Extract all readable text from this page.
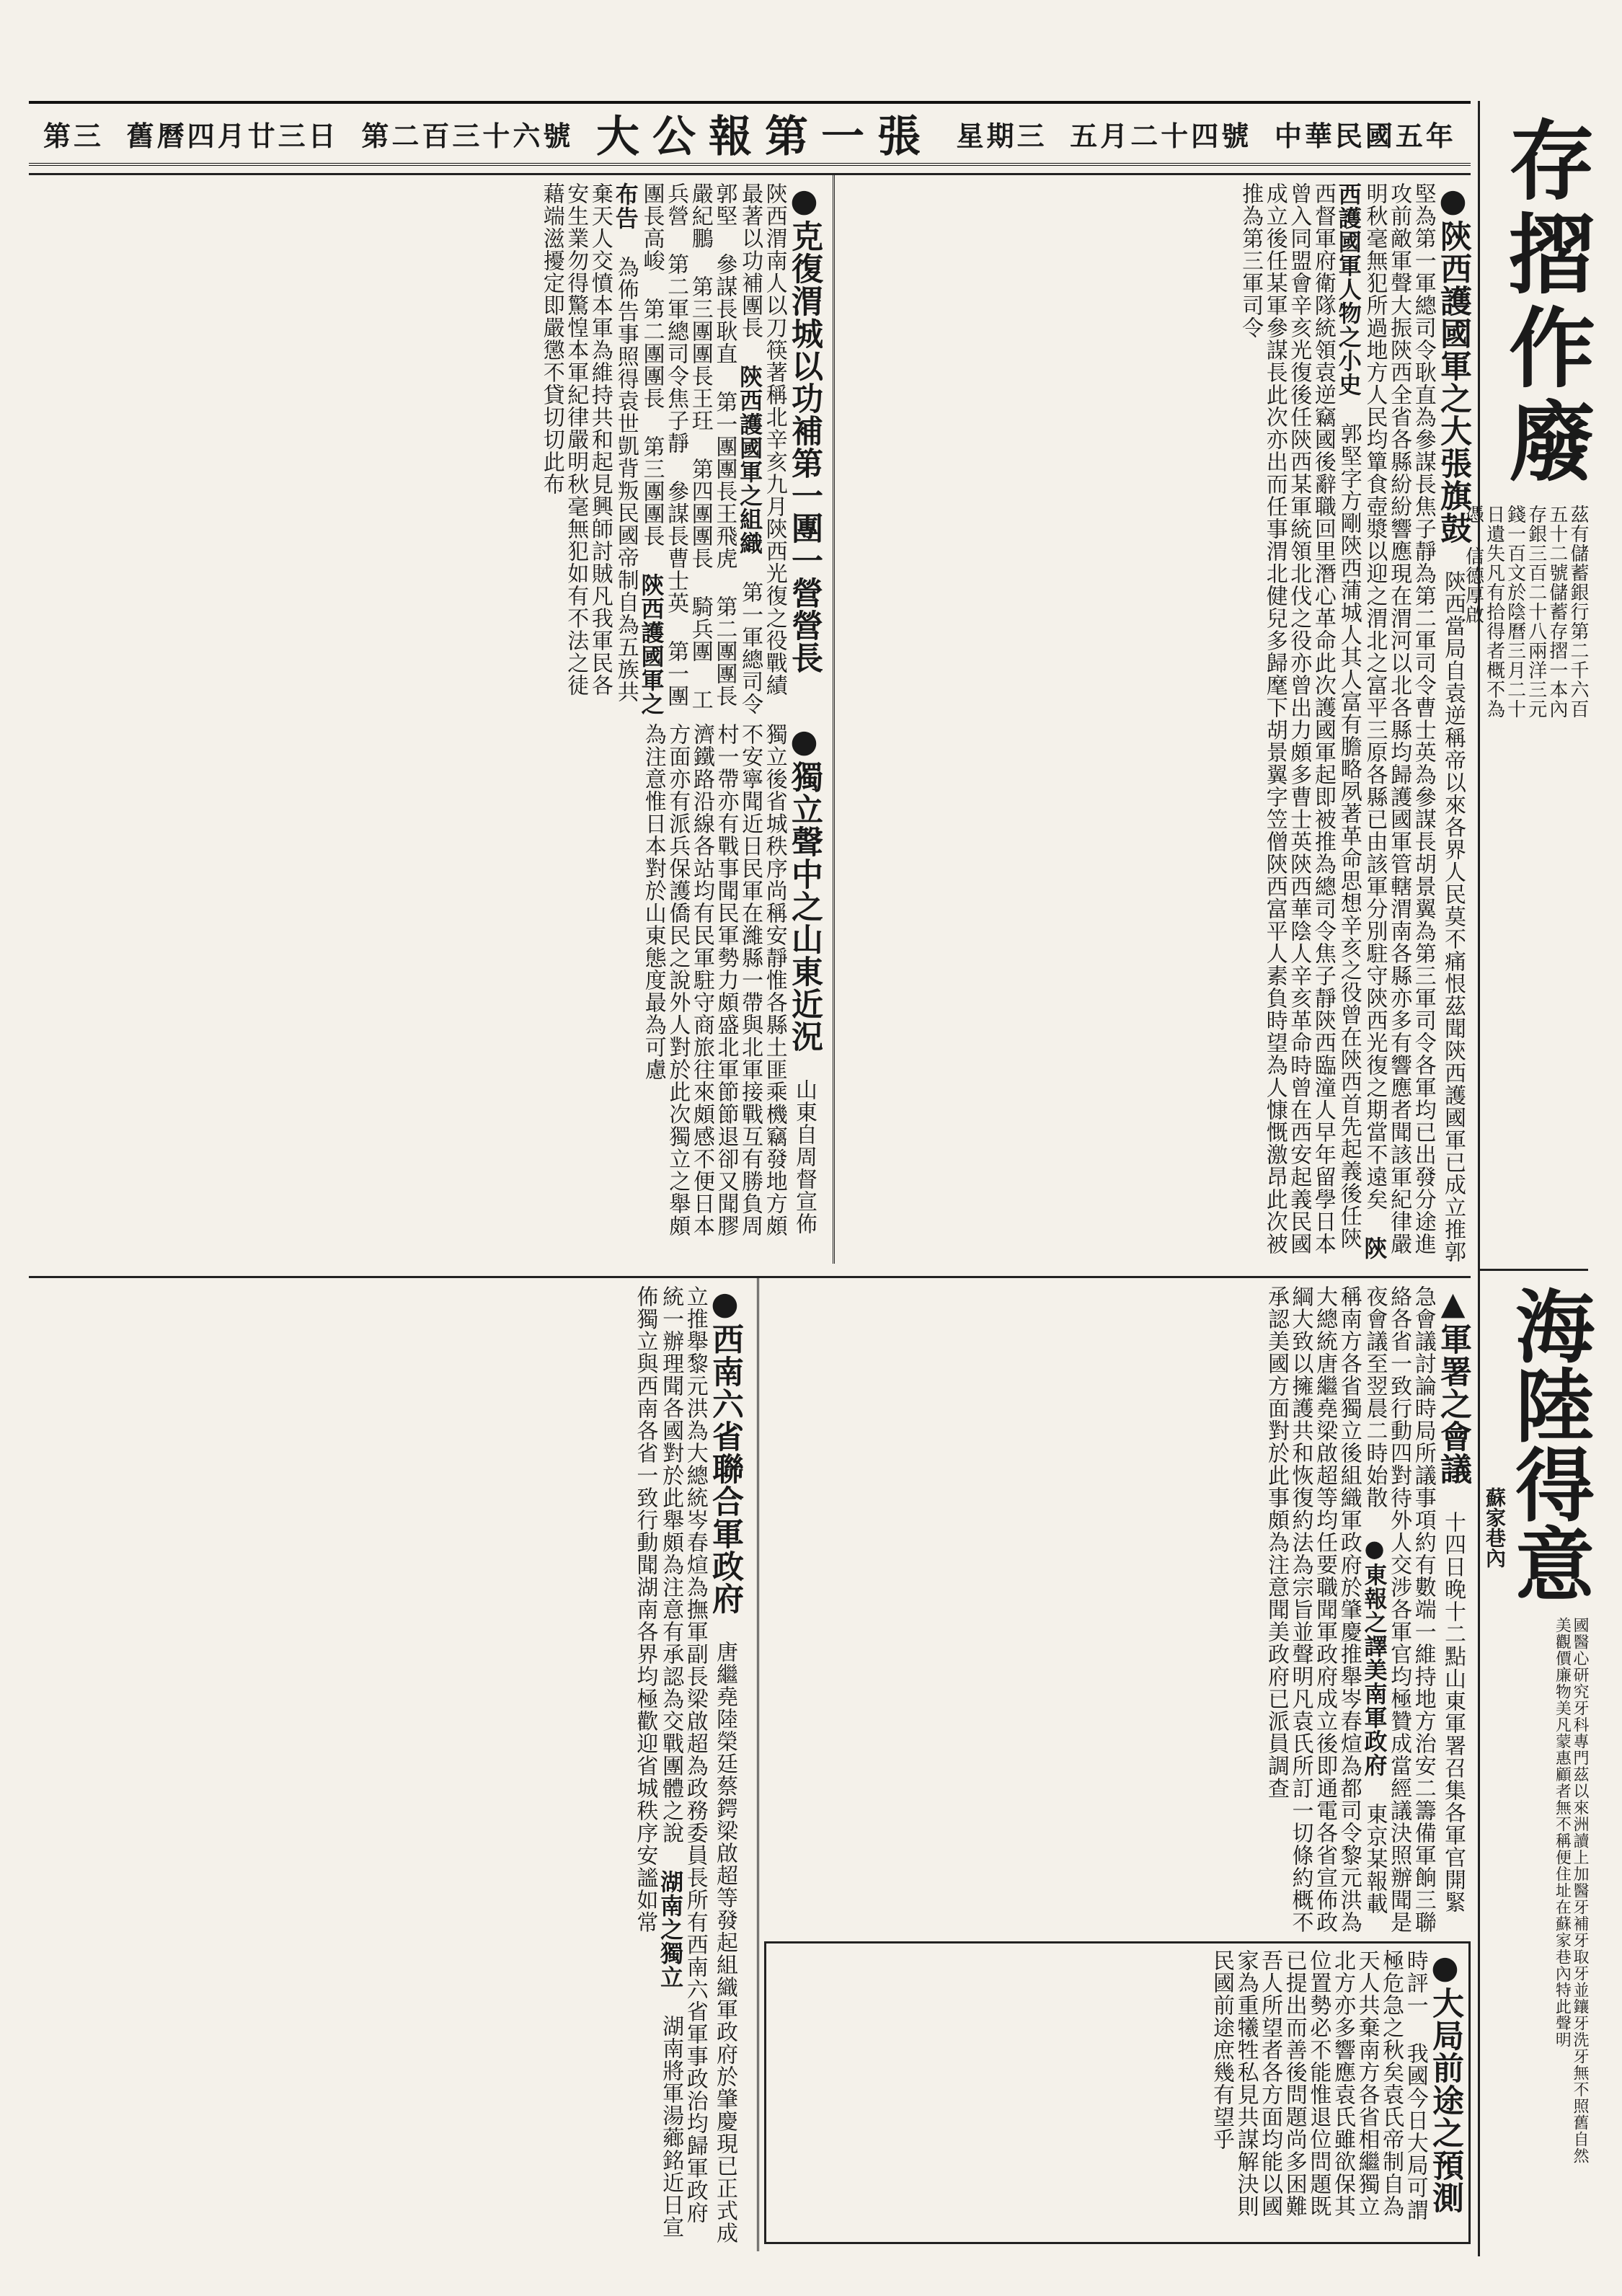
中華民國五年
五月二十四號
星期三
大公報第一張
第二百三十六號
舊曆四月廿三日
第三	存摺作廢
茲有儲蓄銀行第二千六百五十二號儲蓄存摺一本內存銀三百二十八兩洋三元錢一百文於陰曆三月二十日遺失凡有拾得者概不為憑 信德厚啟
海陸得意
蘇家巷內
國醫心研究牙科專門茲以來洲讀上加醫牙補牙取牙並鑲牙洗牙無不照舊自然美觀價廉物美凡蒙惠顧者無不稱便住址在蘇家巷內特此聲明
●陝西護國軍之大張旗鼓 陝西當局自袁逆稱帝以來各界人民莫不痛恨茲聞陝西護國軍已成立推郭堅為第一軍總司令耿直為參謀長焦子靜為第二軍司令曹士英為參謀長胡景翼為第三軍司令各軍均已出發分途進攻前敵軍聲大振陝西全省各縣紛紛響應現在渭河以北各縣均歸護國軍管轄渭南各縣亦多有響應者聞該軍紀律嚴明秋毫無犯所過地方人民均簞食壺漿以迎之渭北之富平三原各縣已由該軍分別駐守陝西光復之期當不遠矣 陝西護國軍人物之小史 郭堅字方剛陝西蒲城人其人富有膽略夙著革命思想辛亥之役曾在陝西首先起義後任陝西督軍府衛隊統領袁逆竊國後辭職回里潛心革命此次護國軍起即被推為總司令焦子靜陝西臨潼人早年留學日本曾入同盟會辛亥光復後任陝西某軍統領北伐之役亦曾出力頗多曹士英陝西華陰人辛亥革命時曾在西安起義民國成立後任某軍參謀長此次亦出而任事渭北健兒多歸麾下胡景翼字笠僧陝西富平人素負時望為人慷慨激昂此次被推為第三軍司令
●克復渭城以功補第一團一營營長 陝西渭南人以刀筷著稱北辛亥九月陝西光復之役戰績最著以功補團長 陝西護國軍之組織 第一軍總司令郭堅 參謀長耿直 第一團團長王飛虎 第二團團長嚴紀鵬 第三團團長王玨 第四團團長 騎兵團 工兵營 第二軍總司令焦子靜 參謀長曹士英 第一團團長高峻 第二團團長 第三團團長 陝西護國軍之布告 為佈告事照得袁世凱背叛民國帝制自為五族共棄天人交憤本軍為維持共和起見興師討賊凡我軍民各安生業勿得驚惶本軍紀律嚴明秋毫無犯如有不法之徒藉端滋擾定即嚴懲不貸切切此布
●獨立聲中之山東近況 山東自周督宣佈獨立後省城秩序尚稱安靜惟各縣土匪乘機竊發地方頗不安寧聞近日民軍在濰縣一帶與北軍接戰互有勝負周村一帶亦有戰事聞民軍勢力頗盛北軍節節退卻又聞膠濟鐵路沿線各站均有民軍駐守商旅往來頗感不便日本方面亦有派兵保護僑民之說外人對於此次獨立之舉頗為注意惟日本對於山東態度最為可慮
▲軍署之會議 十四日晚十二點山東軍署召集各軍官開緊急會議討論時局所議事項約有數端一維持地方治安二籌備軍餉三聯絡各省一致行動四對待外人交涉各軍官均極贊成當經議決照辦聞是夜會議至翌晨二時始散 ●東報之譯美南軍政府 東京某報載稱南方各省獨立後組織軍政府於肇慶推舉岑春煊為都司令黎元洪為大總統唐繼堯梁啟超等均任要職聞軍政府成立後即通電各省宣佈政綱大致以擁護共和恢復約法為宗旨並聲明凡袁氏所訂一切條約概不承認美國方面對於此事頗為注意聞美政府已派員調查
●西南六省聯合軍政府 唐繼堯陸榮廷蔡鍔梁啟超等發起組織軍政府於肇慶現已正式成立推舉黎元洪為大總統岑春煊為撫軍副長梁啟超為政務委員長所有西南六省軍事政治均歸軍政府統一辦理聞各國對於此舉頗為注意有承認為交戰團體之說 湖南之獨立 湖南將軍湯薌銘近日宣佈獨立與西南各省一致行動聞湖南各界均極歡迎省城秩序安謐如常
●大局前途之預測 時評一 我國今日大局可謂極危急之秋矣袁氏帝制自為天人共棄南方各省相繼獨立北方亦多響應袁氏雖欲保其位置勢必不能惟退位問題既已提出而善後問題尚多困難吾人所望者各方面均能以國家為重犧牲私見共謀解決則民國前途庶幾有望乎
